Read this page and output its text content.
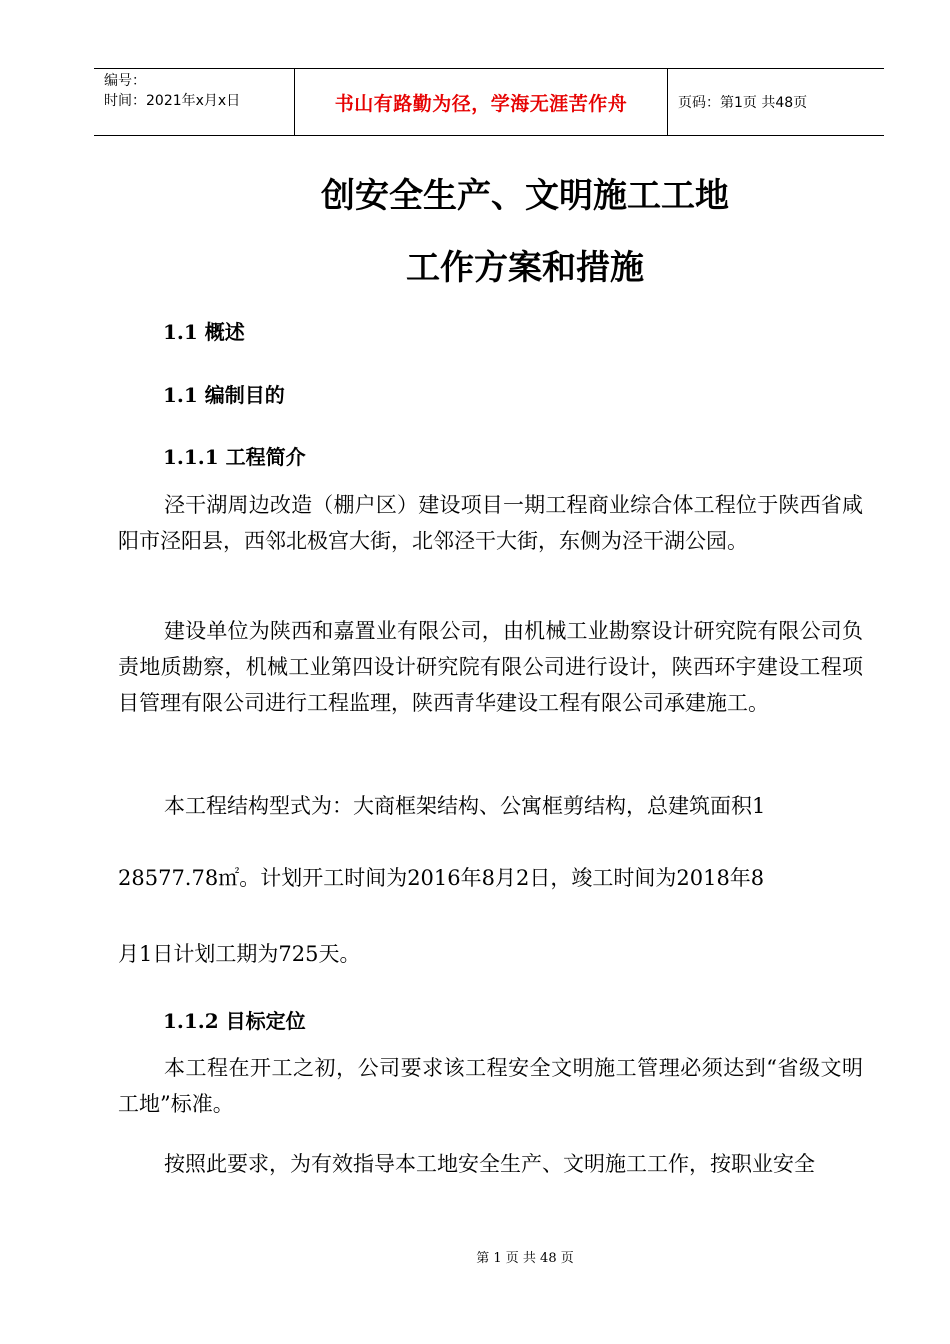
编号：
时间：2021年x月x日	书山有路勤为径，学海无涯苦作舟	页码：第1页 共48页
创安全生产、文明施工工地
工作方案和措施
1.1 概述
1.1 编制目的
1.1.1 工程简介
泾干湖周边改造（棚户区）建设项目一期工程商业综合体工程位于陕西省咸阳市泾阳县，西邻北极宫大街，北邻泾干大街，东侧为泾干湖公园。
建设单位为陕西和嘉置业有限公司，由机械工业勘察设计研究院有限公司负责地质勘察，机械工业第四设计研究院有限公司进行设计，陕西环宇建设工程项目管理有限公司进行工程监理，陕西青华建设工程有限公司承建施工。
本工程结构型式为：大商框架结构、公寓框剪结构，总建筑面积1
28577.78㎡。计划开工时间为2016年8月2日，竣工时间为2018年8
月1日计划工期为725天。
1.1.2 目标定位
本工程在开工之初，公司要求该工程安全文明施工管理必须达到“省级文明工地”标准。
按照此要求，为有效指导本工地安全生产、文明施工工作，按职业安全
第 1 页 共 48 页
